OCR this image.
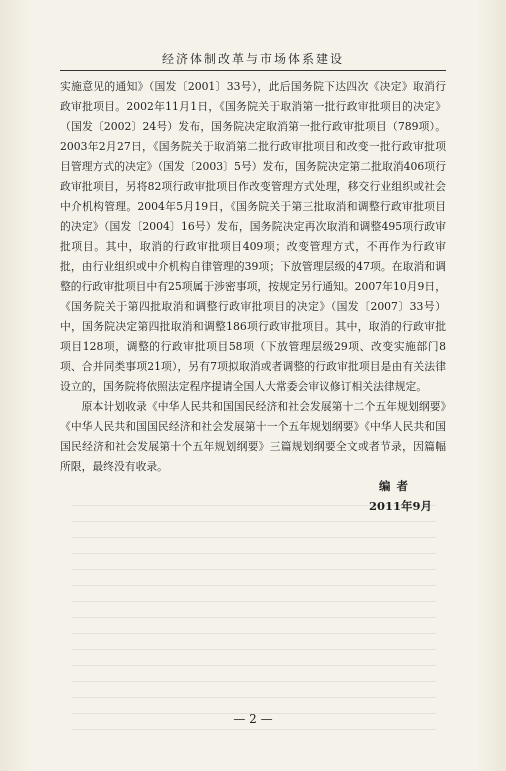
经济体制改革与市场体系建设

实施意见的通知》（国发〔2001〕33号），此后国务院下达四次《决定》取消行政审批项目。2002年11月1日，《国务院关于取消第一批行政审批项目的决定》（国发〔2002〕24号）发布，国务院决定取消第一批行政审批项目（789项）。2003年2月27日，《国务院关于取消第二批行政审批项目和改变一批行政审批项目管理方式的决定》（国发〔2003〕5号）发布，国务院决定第二批取消406项行政审批项目，另将82项行政审批项目作改变管理方式处理，移交行业组织或社会中介机构管理。2004年5月19日，《国务院关于第三批取消和调整行政审批项目的决定》（国发〔2004〕16号）发布，国务院决定再次取消和调整495项行政审批项目。其中，取消的行政审批项目409项；改变管理方式，不再作为行政审批，由行业组织或中介机构自律管理的39项；下放管理层级的47项。在取消和调整的行政审批项目中有25项属于涉密事项，按规定另行通知。2007年10月9日，《国务院关于第四批取消和调整行政审批项目的决定》（国发〔2007〕33号）中，国务院决定第四批取消和调整186项行政审批项目。其中，取消的行政审批项目128项，调整的行政审批项目58项（下放管理层级29项、改变实施部门8项、合并同类事项21项），另有7项拟取消或者调整的行政审批项目是由有关法律设立的，国务院将依照法定程序提请全国人大常委会审议修订相关法律规定。

原本计划收录《中华人民共和国国民经济和社会发展第十二个五年规划纲要》《中华人民共和国国民经济和社会发展第十一个五年规划纲要》《中华人民共和国国民经济和社会发展第十个五年规划纲要》三篇规划纲要全文或者节录，因篇幅所限，最终没有收录。

编者
2011年9月
— 2 —
